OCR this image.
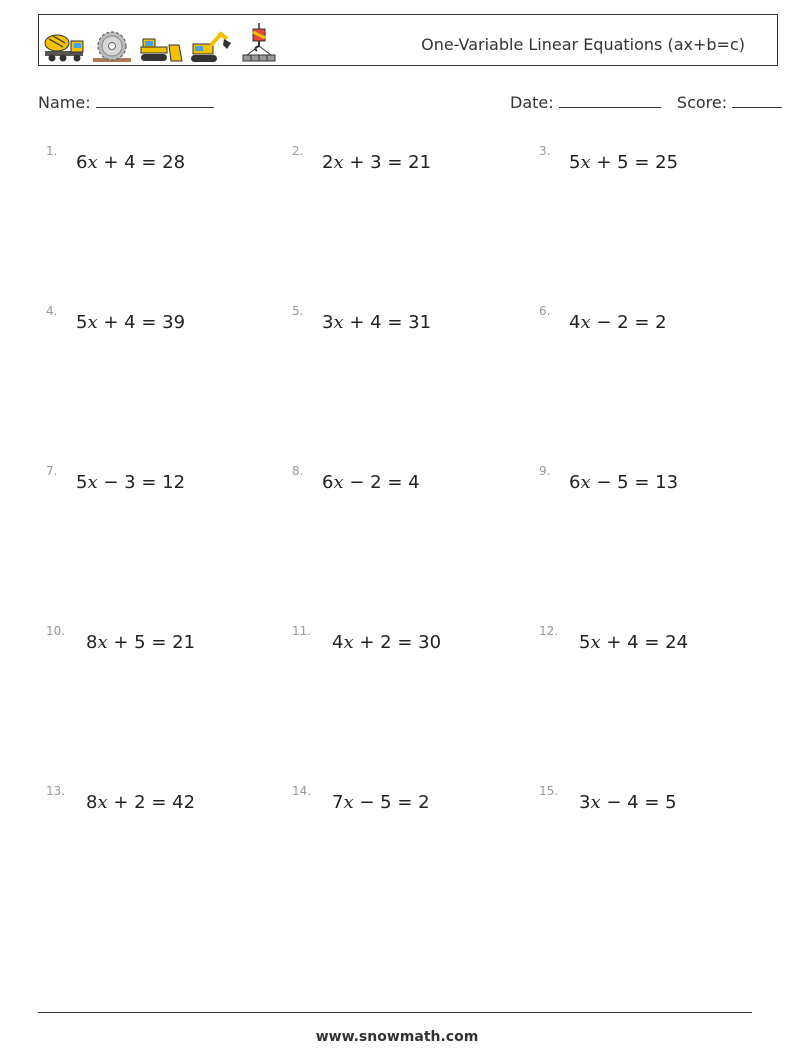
One-Variable Linear Equations (ax+b=c)
Name:	Date:	Score:
1.
6x + 4 = 28
2.
2x + 3 = 21
3.
5x + 5 = 25
4.
5x + 4 = 39
5.
3x + 4 = 31
6.
4x − 2 = 2
7.
5x − 3 = 12
8.
6x − 2 = 4
9.
6x − 5 = 13
10.
8x + 5 = 21
11.
4x + 2 = 30
12.
5x + 4 = 24
13.
8x + 2 = 42
14.
7x − 5 = 2
15.
3x − 4 = 5
www.snowmath.com
